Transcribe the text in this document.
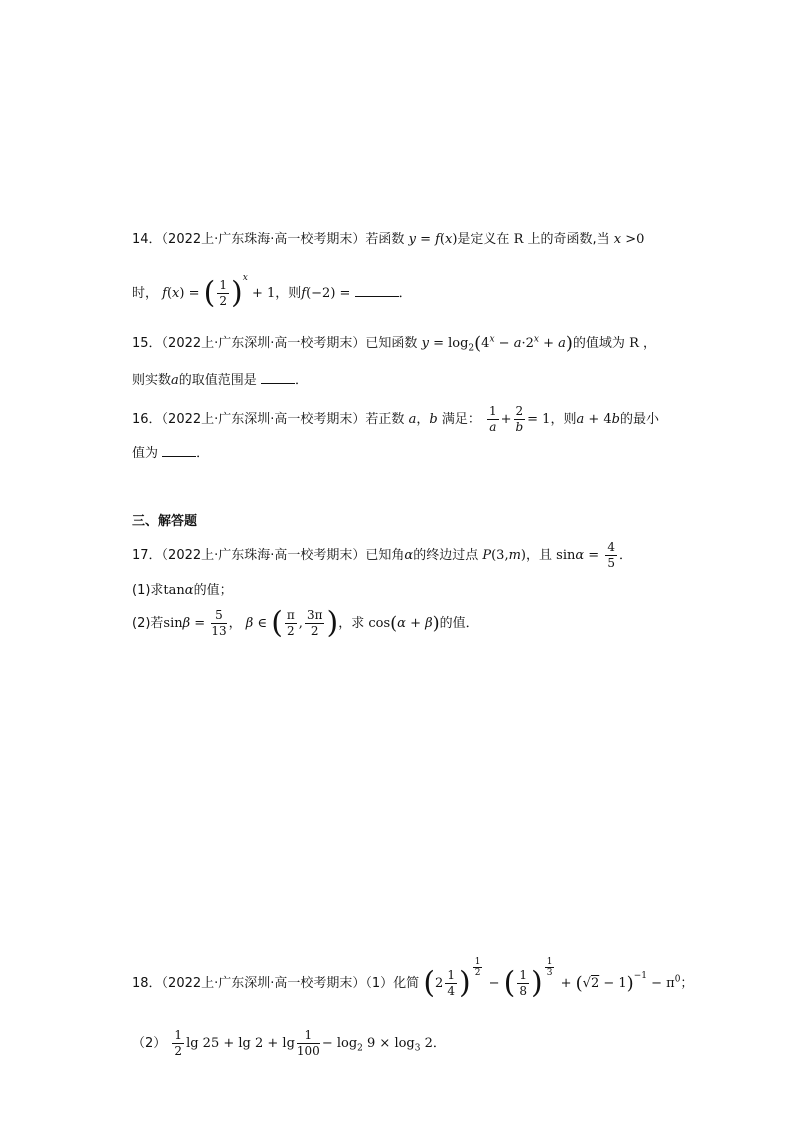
14．（2022上·广东珠海·高一校考期末）若函数 y = f(x)是定义在 R 上的奇函数,当 x >0
时， f(x) = ( $\frac{1}{2} )^x + 1$，则f(−2) =	．
15．（2022上·广东深圳·高一校考期末）已知函数 $y = \log_2(4^x - a\cdot 2^x + a)$的值域为 R ，
则实数a的取值范围是	．
16．（2022上·广东深圳·高一校考期末）若正数 a，b 满足： $\frac{1}{a} + \frac{2}{b} = 1$，则a + 4b的最小
值为	．
三、解答题
17．（2022上·广东珠海·高一校考期末）已知角α的终边过点 P(3,m)，且 $\sin\alpha = \frac{4}{5}$ ．
(1)求tanα的值；
(2)若$\sin\beta = \frac{5}{13}$ ， β ∈ ( $\frac{\pi}{2}$ , $\frac{3\pi}{2}$ )，求 cos(α + β)的值．
18．（2022上·广东深圳·高一校考期末）（1）化简 ($2 \frac{1}{4}$ ) $\frac{1}{2}$
− ( $\frac{1}{8}$ ) $\frac{1}{3}$
+ $(√2 - 1)^{-1} - \pi^0$；
$(2) \frac{1}{2}$ $\lg 25 + \lg 2 + \lg \frac{1}{100} - \log_2 9 \times \log_3 2$．
